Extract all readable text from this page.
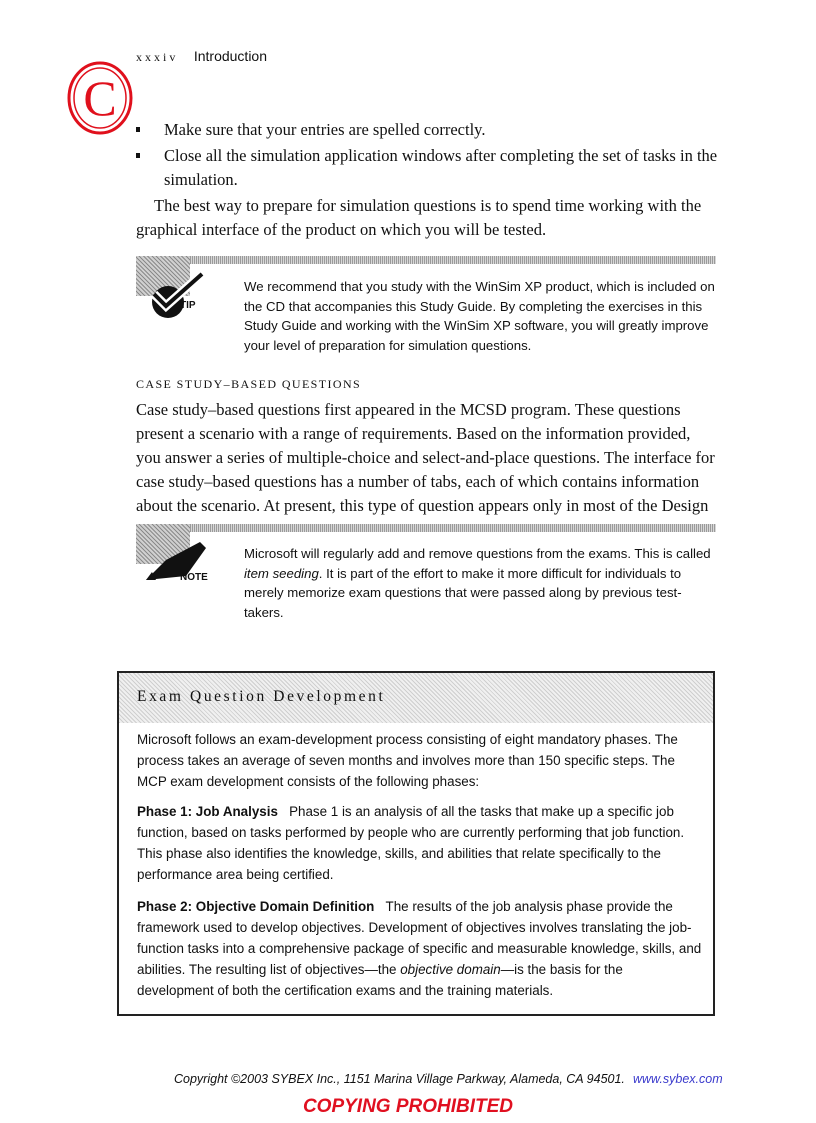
xxxiv Introduction
C
Make sure that your entries are spelled correctly.
Close all the simulation application windows after completing the set of tasks in the simulation.

The best way to prepare for simulation questions is to spend time working with the graphical interface of the product on which you will be tested.

TIP

We recommend that you study with the WinSim XP product, which is included on the CD that accompanies this Study Guide. By completing the exercises in this Study Guide and working with the WinSim XP software, you will greatly improve your level of preparation for simulation questions.

CASE STUDY–BASED QUESTIONS

Case study–based questions first appeared in the MCSD program. These questions present a scenario with a range of requirements. Based on the information provided, you answer a series of multiple-choice and select-and-place questions. The interface for case study–based questions has a number of tabs, each of which contains information about the scenario. At present, this type of question appears only in most of the Design

NOTE

Microsoft will regularly add and remove questions from the exams. This is called item seeding. It is part of the effort to make it more difficult for individuals to merely memorize exam questions that were passed along by previous test-takers.

Exam Question Development

Microsoft follows an exam-development process consisting of eight mandatory phases. The process takes an average of seven months and involves more than 150 specific steps. The MCP exam development consists of the following phases:

Phase 1: Job Analysis Phase 1 is an analysis of all the tasks that make up a specific job function, based on tasks performed by people who are currently performing that job function. This phase also identifies the knowledge, skills, and abilities that relate specifically to the performance area being certified.

Phase 2: Objective Domain Definition The results of the job analysis phase provide the framework used to develop objectives. Development of objectives involves translating the job-function tasks into a comprehensive package of specific and measurable knowledge, skills, and abilities. The resulting list of objectives—the objective domain—is the basis for the development of both the certification exams and the training materials.

Copyright ©2003 SYBEX Inc., 1151 Marina Village Parkway, Alameda, CA 94501. www.sybex.com
COPYING PROHIBITED
